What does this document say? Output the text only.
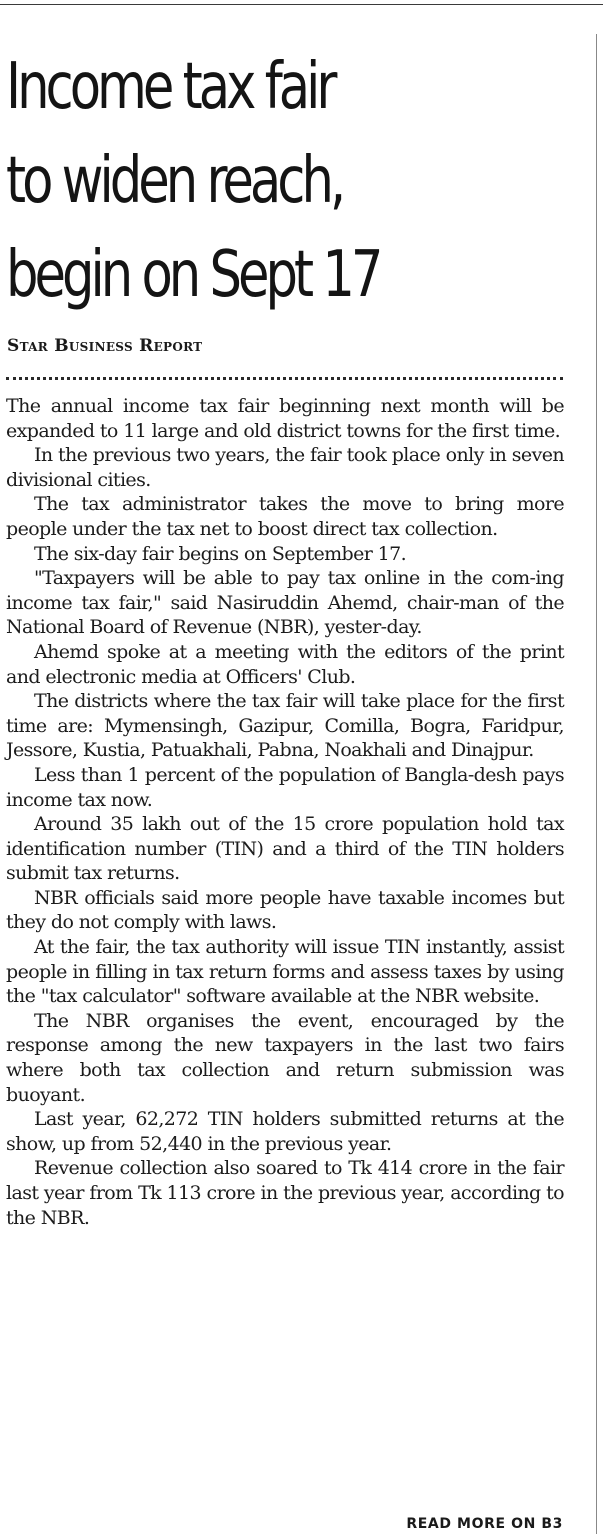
Income tax fair
to widen reach,
begin on Sept 17

Star Business Report

The annual income tax fair beginning next month will be expanded to 11 large and old district towns for the first time.

In the previous two years, the fair took place only in seven divisional cities.

The tax administrator takes the move to bring more people under the tax net to boost direct tax collection.

The six-day fair begins on September 17.

"Taxpayers will be able to pay tax online in the com-ing income tax fair," said Nasiruddin Ahemd, chair-man of the National Board of Revenue (NBR), yester-day.

Ahemd spoke at a meeting with the editors of the print and electronic media at Officers' Club.

The districts where the tax fair will take place for the first time are: Mymensingh, Gazipur, Comilla, Bogra, Faridpur, Jessore, Kustia, Patuakhali, Pabna, Noakhali and Dinajpur.

Less than 1 percent of the population of Bangla-desh pays income tax now.

Around 35 lakh out of the 15 crore population hold tax identification number (TIN) and a third of the TIN holders submit tax returns.

NBR officials said more people have taxable incomes but they do not comply with laws.

At the fair, the tax authority will issue TIN instantly, assist people in filling in tax return forms and assess taxes by using the "tax calculator" software available at the NBR website.

The NBR organises the event, encouraged by the response among the new taxpayers in the last two fairs where both tax collection and return submission was buoyant.

Last year, 62,272 TIN holders submitted returns at the show, up from 52,440 in the previous year.

Revenue collection also soared to Tk 414 crore in the fair last year from Tk 113 crore in the previous year, according to the NBR.

READ MORE ON B3
